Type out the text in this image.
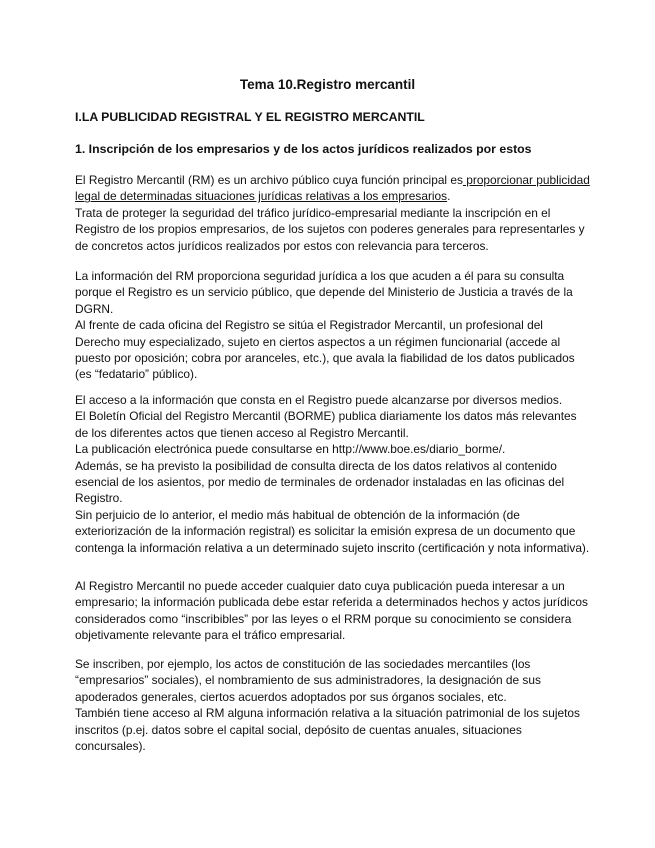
Tema 10.Registro mercantil
I.LA PUBLICIDAD REGISTRAL Y EL REGISTRO MERCANTIL
1. Inscripción de los empresarios y de los actos jurídicos realizados por estos

El Registro Mercantil (RM) es un archivo público cuya función principal es proporcionar publicidad legal de determinadas situaciones jurídicas relativas a los empresarios.

Trata de proteger la seguridad del tráfico jurídico-empresarial mediante la inscripción en el Registro de los propios empresarios, de los sujetos con poderes generales para representarles y de concretos actos jurídicos realizados por estos con relevancia para terceros.

La información del RM proporciona seguridad jurídica a los que acuden a él para su consulta porque el Registro es un servicio público, que depende del Ministerio de Justicia a través de la DGRN.

Al frente de cada oficina del Registro se sitúa el Registrador Mercantil, un profesional del Derecho muy especializado, sujeto en ciertos aspectos a un régimen funcionarial (accede al puesto por oposición; cobra por aranceles, etc.), que avala la fiabilidad de los datos publicados (es “fedatario” público).

El acceso a la información que consta en el Registro puede alcanzarse por diversos medios.

El Boletín Oficial del Registro Mercantil (BORME) publica diariamente los datos más relevantes de los diferentes actos que tienen acceso al Registro Mercantil.

La publicación electrónica puede consultarse en http://www.boe.es/diario_borme/.

Además, se ha previsto la posibilidad de consulta directa de los datos relativos al contenido esencial de los asientos, por medio de terminales de ordenador instaladas en las oficinas del Registro.

Sin perjuicio de lo anterior, el medio más habitual de obtención de la información (de exteriorización de la información registral) es solicitar la emisión expresa de un documento que contenga la información relativa a un determinado sujeto inscrito (certificación y nota informativa).

Al Registro Mercantil no puede acceder cualquier dato cuya publicación pueda interesar a un empresario; la información publicada debe estar referida a determinados hechos y actos jurídicos considerados como “inscribibles” por las leyes o el RRM porque su conocimiento se considera objetivamente relevante para el tráfico empresarial.

Se inscriben, por ejemplo, los actos de constitución de las sociedades mercantiles (los “empresarios” sociales), el nombramiento de sus administradores, la designación de sus apoderados generales, ciertos acuerdos adoptados por sus órganos sociales, etc.

También tiene acceso al RM alguna información relativa a la situación patrimonial de los sujetos inscritos (p.ej. datos sobre el capital social, depósito de cuentas anuales, situaciones concursales).
